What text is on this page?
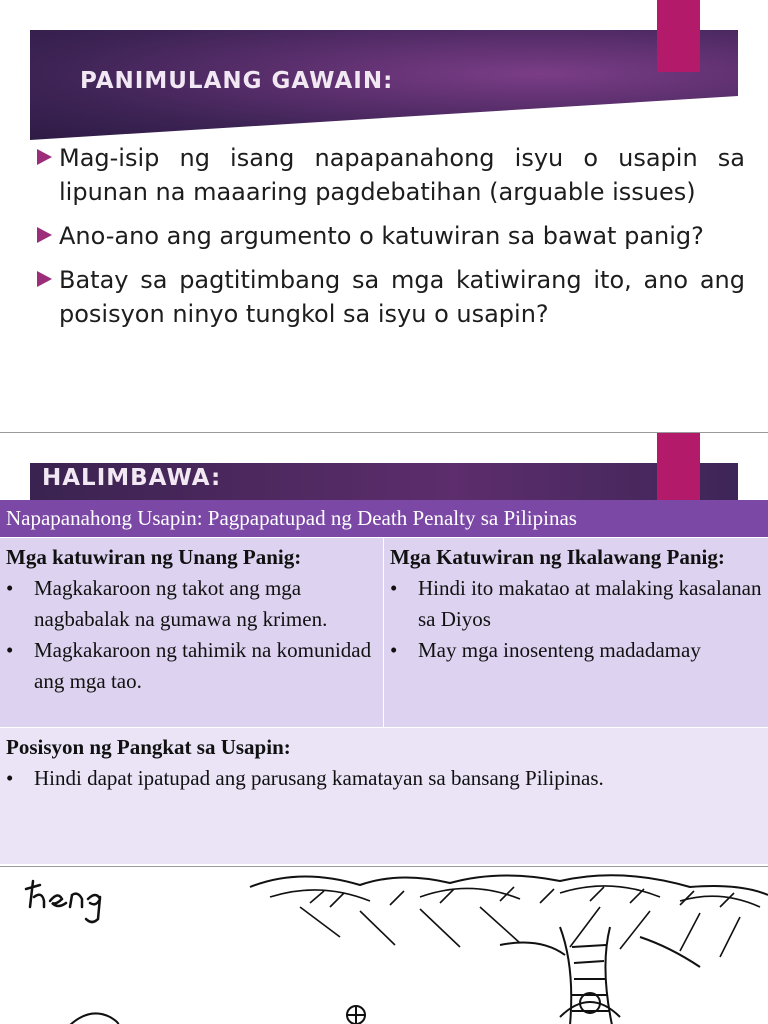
PANIMULANG GAWAIN:

Mag-isip ng isang napapanahong isyu o usapin sa lipunan na maaaring pagdebatihan (arguable issues)

Ano-ano ang argumento o katuwiran sa bawat panig?

Batay sa pagtitimbang sa mga katiwirang ito, ano ang posisyon ninyo tungkol sa isyu o usapin?

HALIMBAWA:
Napapanahong Usapin: Pagpapatupad ng Death Penalty sa Pilipinas
Mga katuwiran ng Unang Panig:
• Magkakaroon ng takot ang mga nagbabalak na gumawa ng krimen.
• Magkakaroon ng tahimik na komunidad ang mga tao.
Mga Katuwiran ng Ikalawang Panig:
• Hindi ito makatao at malaking kasalanan sa Diyos
• May mga inosenteng madadamay
Posisyon ng Pangkat sa Usapin:
• Hindi dapat ipatupad ang parusang kamatayan sa bansang Pilipinas.
